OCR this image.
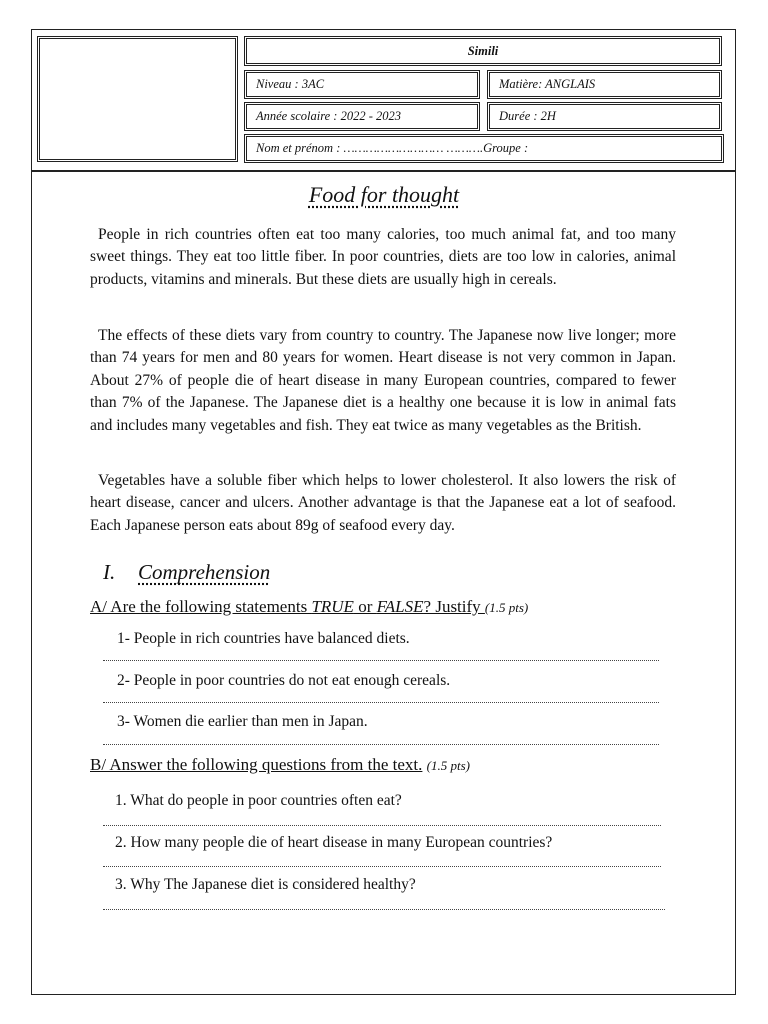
Simili
Niveau : 3AC	Matière: ANGLAIS
Année scolaire : 2022 - 2023	Durée : 2H
Nom et prénom : ……………………… ……….Groupe :
Food for thought

People in rich countries often eat too many calories, too much animal fat, and too many sweet things. They eat too little fiber. In poor countries, diets are too low in calories, animal products, vitamins and minerals. But these diets are usually high in cereals.

The effects of these diets vary from country to country. The Japanese now live longer; more than 74 years for men and 80 years for women. Heart disease is not very common in Japan. About 27% of people die of heart disease in many European countries, compared to fewer than 7% of the Japanese. The Japanese diet is a healthy one because it is low in animal fats and includes many vegetables and fish. They eat twice as many vegetables as the British.

Vegetables have a soluble fiber which helps to lower cholesterol. It also lowers the risk of heart disease, cancer and ulcers. Another advantage is that the Japanese eat a lot of seafood. Each Japanese person eats about 89g of seafood every day.

I. Comprehension
A/ Are the following statements TRUE or FALSE? Justify (1.5 pts)
1- People in rich countries have balanced diets.
2- People in poor countries do not eat enough cereals.
3- Women die earlier than men in Japan.
B/ Answer the following questions from the text. (1.5 pts)
1. What do people in poor countries often eat?
2. How many people die of heart disease in many European countries?
3. Why The Japanese diet is considered healthy?
